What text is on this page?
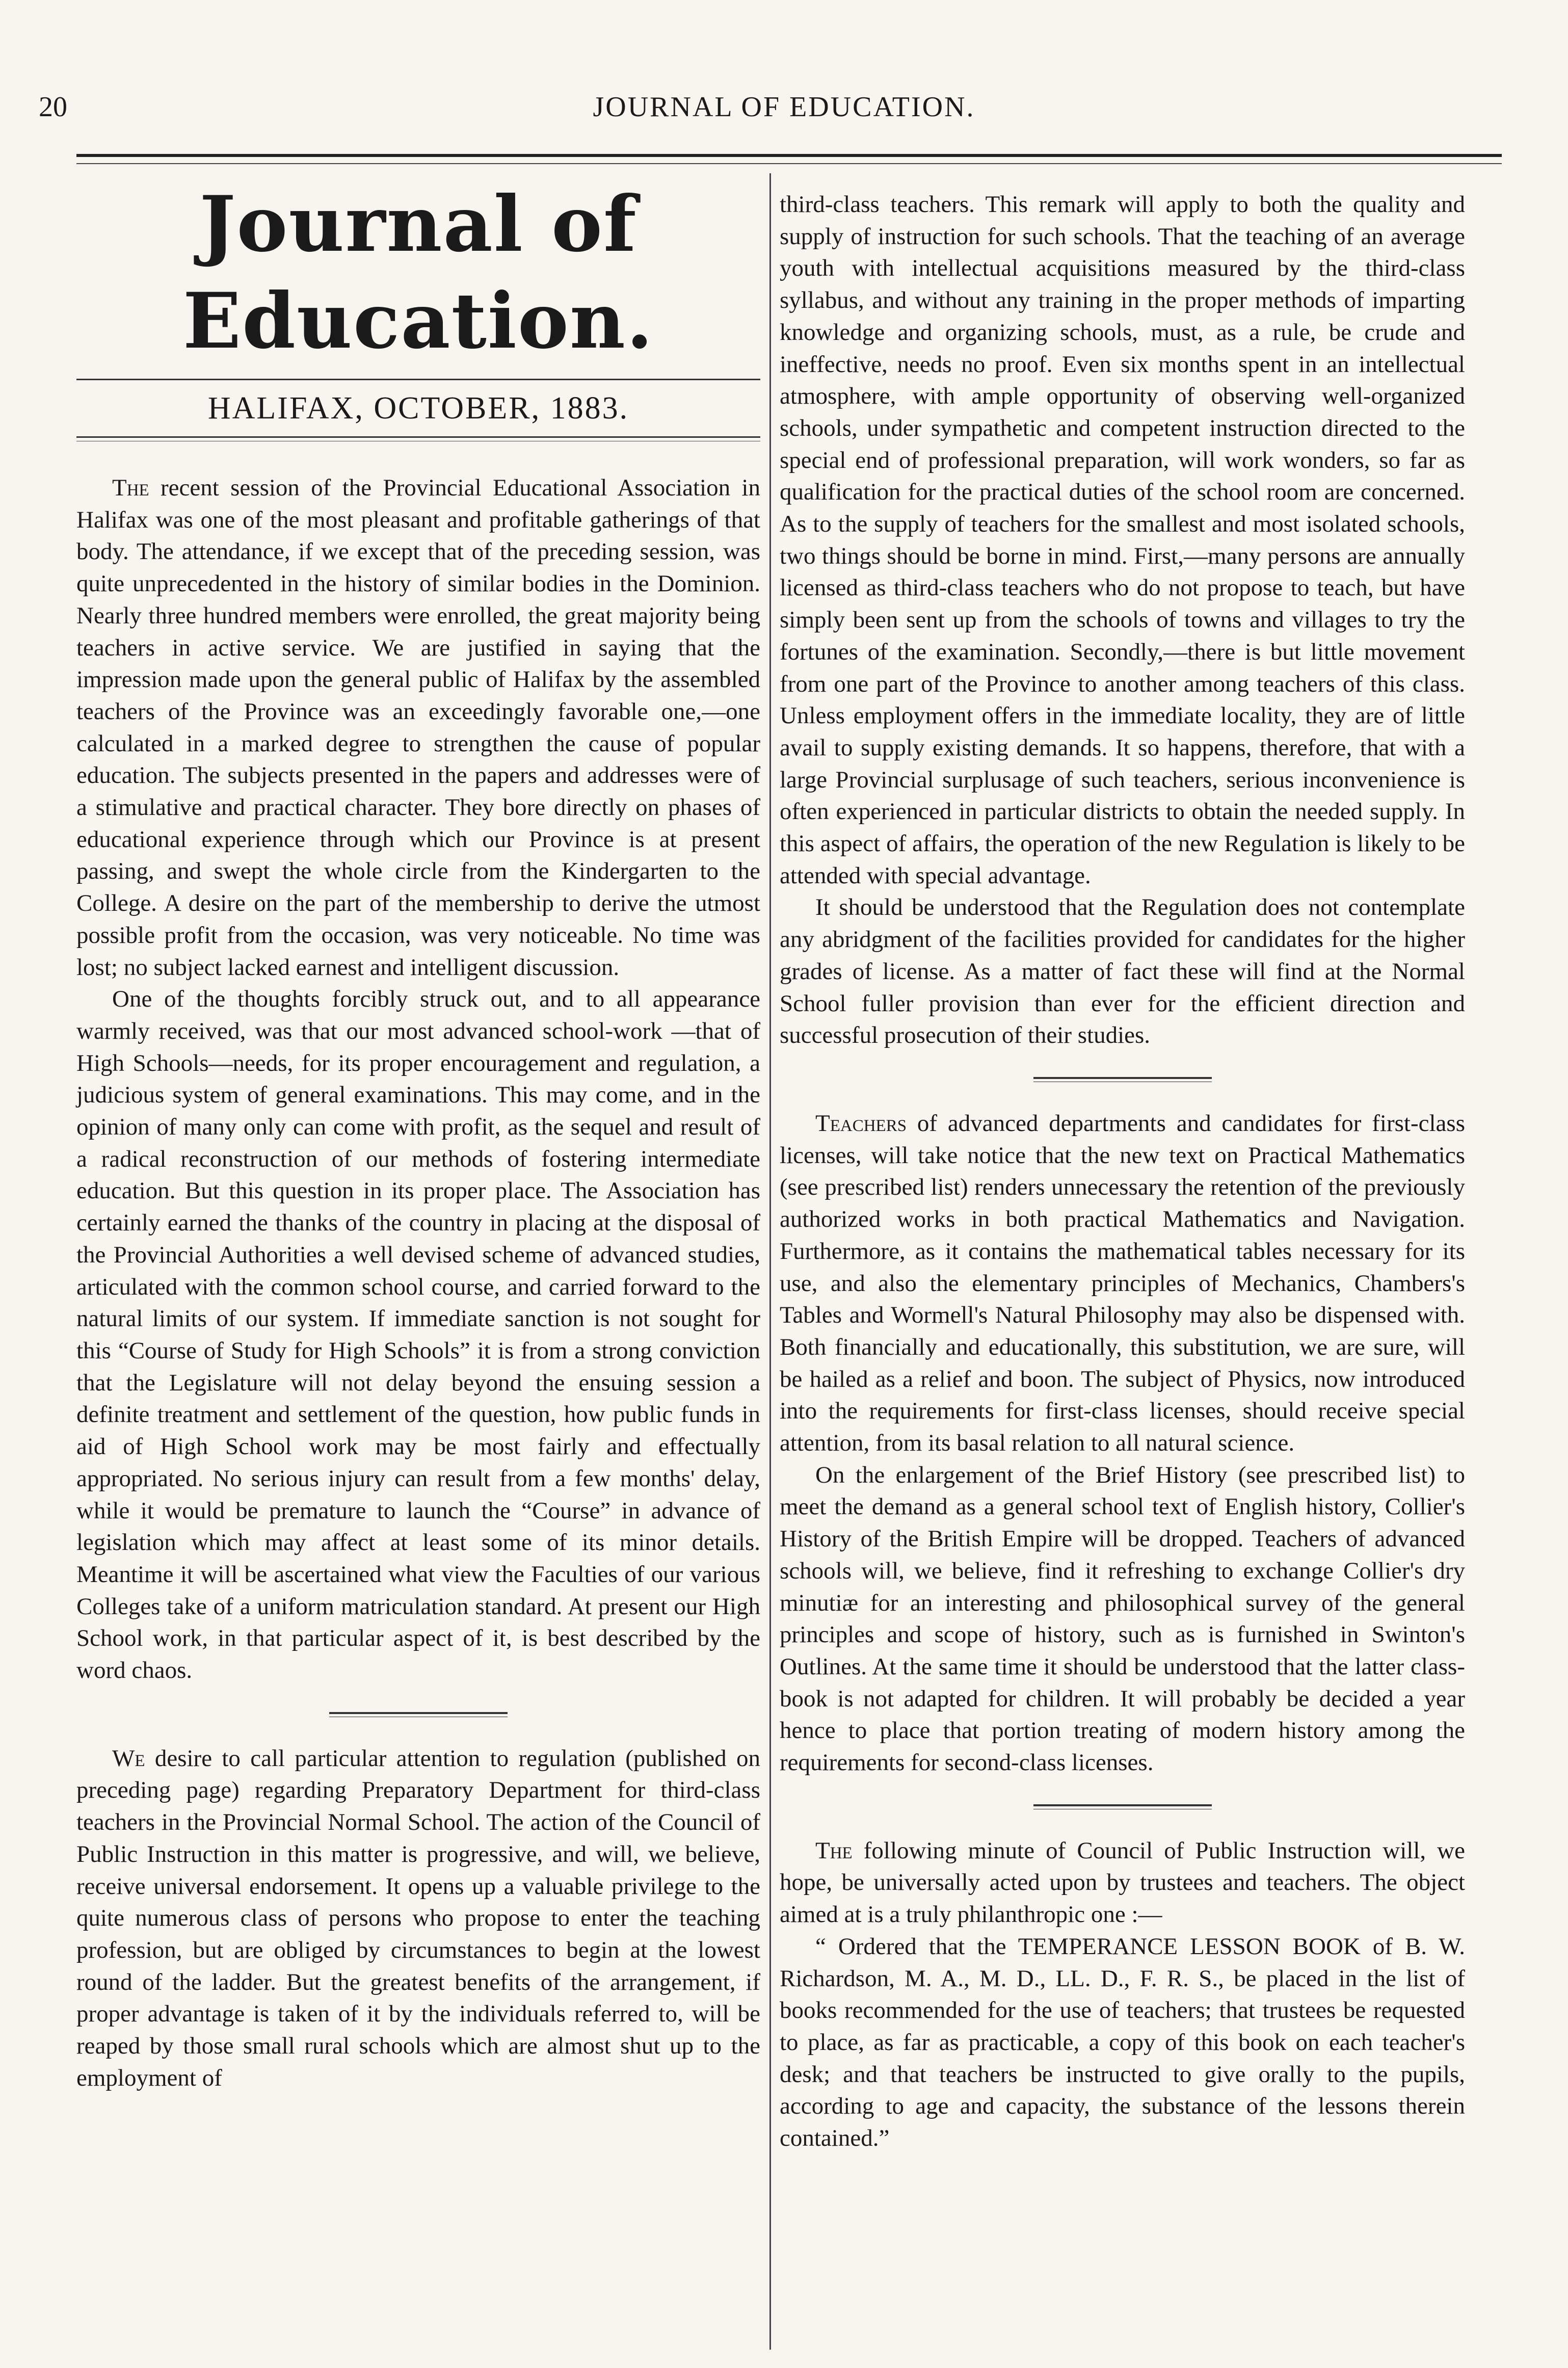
20	JOURNAL OF EDUCATION.
Journal of Education.
HALIFAX, OCTOBER, 1883.

The recent session of the Provincial Educational Association in Halifax was one of the most pleasant and profitable gatherings of that body. The attendance, if we except that of the preceding session, was quite unprecedented in the history of similar bodies in the Dominion. Nearly three hundred members were enrolled, the great majority being teachers in active service. We are justified in saying that the impression made upon the general public of Halifax by the assembled teachers of the Province was an exceedingly favorable one,—one calculated in a marked degree to strengthen the cause of popular education. The subjects presented in the papers and addresses were of a stimulative and practical character. They bore directly on phases of educational experience through which our Province is at present passing, and swept the whole circle from the Kindergarten to the College. A desire on the part of the membership to derive the utmost possible profit from the occasion, was very noticeable. No time was lost; no subject lacked earnest and intelligent discussion.

One of the thoughts forcibly struck out, and to all appearance warmly received, was that our most advanced school-work —that of High Schools—needs, for its proper encouragement and regulation, a judicious system of general examinations. This may come, and in the opinion of many only can come with profit, as the sequel and result of a radical reconstruction of our methods of fostering intermediate education. But this question in its proper place. The Association has certainly earned the thanks of the country in placing at the disposal of the Provincial Authorities a well devised scheme of advanced studies, articulated with the common school course, and carried forward to the natural limits of our system. If immediate sanction is not sought for this “Course of Study for High Schools” it is from a strong conviction that the Legislature will not delay beyond the ensuing session a definite treatment and settlement of the question, how public funds in aid of High School work may be most fairly and effectually appropriated. No serious injury can result from a few months' delay, while it would be premature to launch the “Course” in advance of legislation which may affect at least some of its minor details. Meantime it will be ascertained what view the Faculties of our various Colleges take of a uniform matriculation standard. At present our High School work, in that particular aspect of it, is best described by the word chaos.

We desire to call particular attention to regulation (published on preceding page) regarding Preparatory Department for third-class teachers in the Provincial Normal School. The action of the Council of Public Instruction in this matter is progressive, and will, we believe, receive universal endorsement. It opens up a valuable privilege to the quite numerous class of persons who propose to enter the teaching profession, but are obliged by circumstances to begin at the lowest round of the ladder. But the greatest benefits of the arrangement, if proper advantage is taken of it by the individuals referred to, will be reaped by those small rural schools which are almost shut up to the employment of

third-class teachers. This remark will apply to both the quality and supply of instruction for such schools. That the teaching of an average youth with intellectual acquisitions measured by the third-class syllabus, and without any training in the proper methods of imparting knowledge and organizing schools, must, as a rule, be crude and ineffective, needs no proof. Even six months spent in an intellectual atmosphere, with ample opportunity of observing well-organized schools, under sympathetic and competent instruction directed to the special end of professional preparation, will work wonders, so far as qualification for the practical duties of the school room are concerned. As to the supply of teachers for the smallest and most isolated schools, two things should be borne in mind. First,—many persons are annually licensed as third-class teachers who do not propose to teach, but have simply been sent up from the schools of towns and villages to try the fortunes of the examination. Secondly,—there is but little movement from one part of the Province to another among teachers of this class. Unless employment offers in the immediate locality, they are of little avail to supply existing demands. It so happens, therefore, that with a large Provincial surplusage of such teachers, serious inconvenience is often experienced in particular districts to obtain the needed supply. In this aspect of affairs, the operation of the new Regulation is likely to be attended with special advantage.

It should be understood that the Regulation does not contemplate any abridgment of the facilities provided for candidates for the higher grades of license. As a matter of fact these will find at the Normal School fuller provision than ever for the efficient direction and successful prosecution of their studies.

Teachers of advanced departments and candidates for first-class licenses, will take notice that the new text on Practical Mathematics (see prescribed list) renders unnecessary the retention of the previously authorized works in both practical Mathematics and Navigation. Furthermore, as it contains the mathematical tables necessary for its use, and also the elementary principles of Mechanics, Chambers's Tables and Wormell's Natural Philosophy may also be dispensed with. Both financially and educationally, this substitution, we are sure, will be hailed as a relief and boon. The subject of Physics, now introduced into the requirements for first-class licenses, should receive special attention, from its basal relation to all natural science.

On the enlargement of the Brief History (see prescribed list) to meet the demand as a general school text of English history, Collier's History of the British Empire will be dropped. Teachers of advanced schools will, we believe, find it refreshing to exchange Collier's dry minutiæ for an interesting and philosophical survey of the general principles and scope of history, such as is furnished in Swinton's Outlines. At the same time it should be understood that the latter class-book is not adapted for children. It will probably be decided a year hence to place that portion treating of modern history among the requirements for second-class licenses.

The following minute of Council of Public Instruction will, we hope, be universally acted upon by trustees and teachers. The object aimed at is a truly philanthropic one :—

“ Ordered that the TEMPERANCE LESSON BOOK of B. W. Richardson, M. A., M. D., LL. D., F. R. S., be placed in the list of books recommended for the use of teachers; that trustees be requested to place, as far as practicable, a copy of this book on each teacher's desk; and that teachers be instructed to give orally to the pupils, according to age and capacity, the substance of the lessons therein contained.”
